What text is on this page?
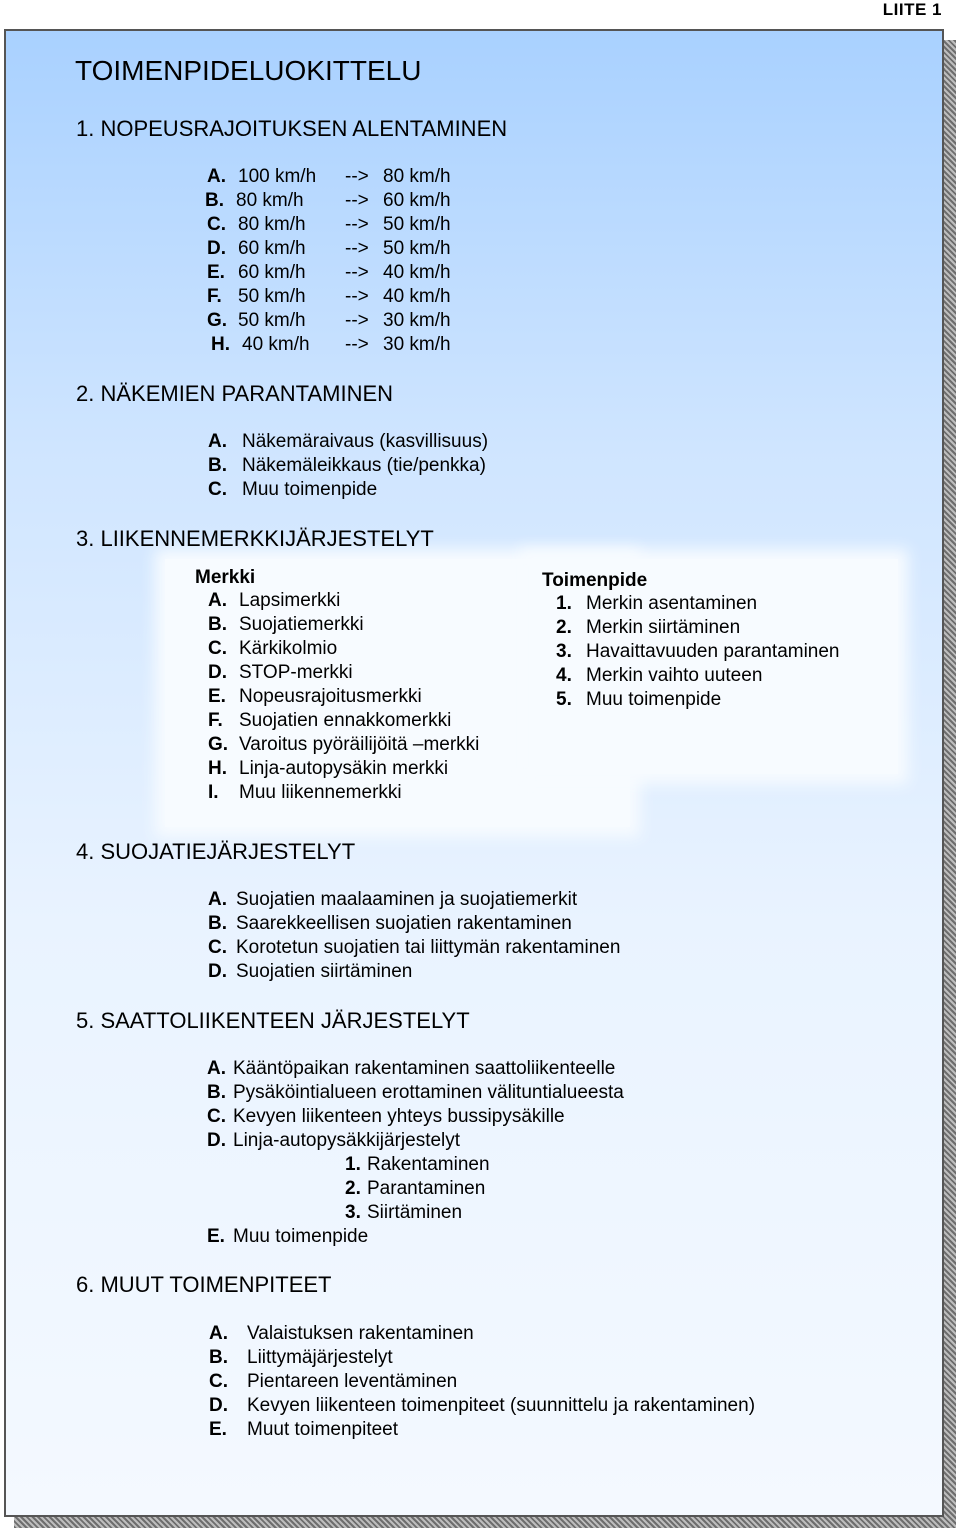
LIITE 1
TOIMENPIDELUOKITTELU
1. NOPEUSRAJOITUKSEN ALENTAMINEN
A. 100 km/h --> 80 km/h
B. 80 km/h --> 60 km/h
C. 80 km/h --> 50 km/h
D. 60 km/h --> 50 km/h
E. 60 km/h --> 40 km/h
F. 50 km/h --> 40 km/h
G. 50 km/h --> 30 km/h
H. 40 km/h --> 30 km/h
2. NÄKEMIEN PARANTAMINEN
A. Näkemäraivaus (kasvillisuus)
B. Näkemäleikkaus (tie/penkka)
C. Muu toimenpide
3. LIIKENNEMERKKIJÄRJESTELYT
Merkki
A. Lapsimerkki
B. Suojatiemerkki
C. Kärkikolmio
D. STOP-merkki
E. Nopeusrajoitusmerkki
F. Suojatien ennakkomerkki
G. Varoitus pyöräilijöitä –merkki
H. Linja-autopysäkin merkki
I. Muu liikennemerkki
Toimenpide
1. Merkin asentaminen
2. Merkin siirtäminen
3. Havaittavuuden parantaminen
4. Merkin vaihto uuteen
5. Muu toimenpide
4. SUOJATIEJÄRJESTELYT
A. Suojatien maalaaminen ja suojatiemerkit
B. Saarekkeellisen suojatien rakentaminen
C. Korotetun suojatien tai liittymän rakentaminen
D. Suojatien siirtäminen
5. SAATTOLIIKENTEEN JÄRJESTELYT
A. Kääntöpaikan rakentaminen saattoliikenteelle
B. Pysäköintialueen erottaminen välituntialueesta
C. Kevyen liikenteen yhteys bussipysäkille
D. Linja-autopysäkkijärjestelyt
1. Rakentaminen
2. Parantaminen
3. Siirtäminen
E. Muu toimenpide
6. MUUT TOIMENPITEET
A. Valaistuksen rakentaminen
B. Liittymäjärjestelyt
C. Pientareen leventäminen
D. Kevyen liikenteen toimenpiteet (suunnittelu ja rakentaminen)
E. Muut toimenpiteet
